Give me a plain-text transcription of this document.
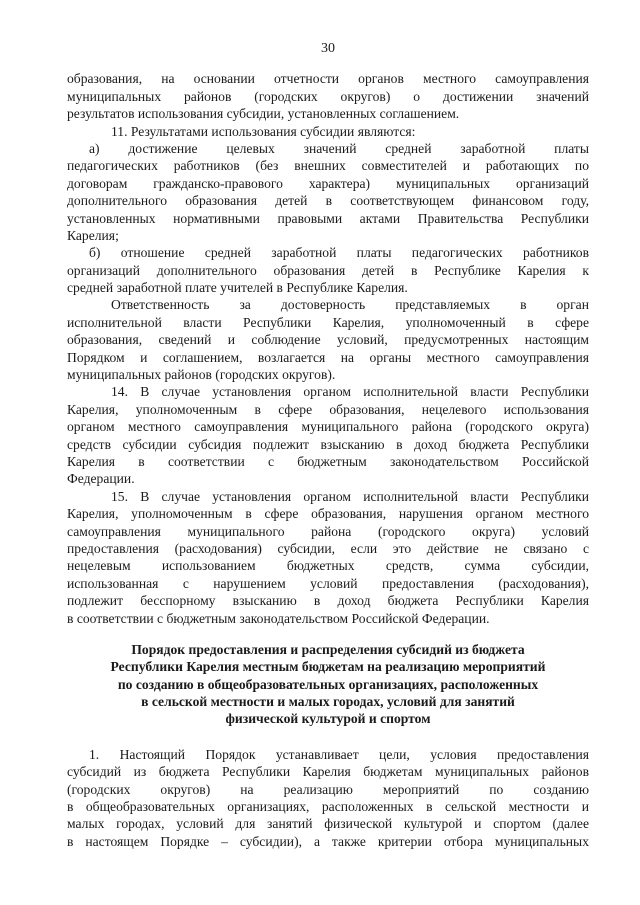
30
образования, на основании отчетности органов местного самоуправления
муниципальных районов (городских округов) о достижении значений
результатов использования субсидии, установленных соглашением.
11. Результатами использования субсидии являются:
а) достижение целевых значений средней заработной платы
педагогических работников (без внешних совместителей и работающих по
договорам гражданско-правового характера) муниципальных организаций
дополнительного образования детей в соответствующем финансовом году,
установленных нормативными правовыми актами Правительства Республики
Карелия;
б) отношение средней заработной платы педагогических работников
организаций дополнительного образования детей в Республике Карелия к
средней заработной плате учителей в Республике Карелия.
Ответственность за достоверность представляемых в орган
исполнительной власти Республики Карелия, уполномоченный в сфере
образования, сведений и соблюдение условий, предусмотренных настоящим
Порядком и соглашением, возлагается на органы местного самоуправления
муниципальных районов (городских округов).
14. В случае установления органом исполнительной власти Республики
Карелия, уполномоченным в сфере образования, нецелевого использования
органом местного самоуправления муниципального района (городского округа)
средств субсидии субсидия подлежит взысканию в доход бюджета Республики
Карелия в соответствии с бюджетным законодательством Российской
Федерации.
15. В случае установления органом исполнительной власти Республики
Карелия, уполномоченным в сфере образования, нарушения органом местного
самоуправления муниципального района (городского округа) условий
предоставления (расходования) субсидии, если это действие не связано с
нецелевым использованием бюджетных средств, сумма субсидии,
использованная с нарушением условий предоставления (расходования),
подлежит бесспорному взысканию в доход бюджета Республики Карелия
в соответствии с бюджетным законодательством Российской Федерации.
Порядок предоставления и распределения субсидий из бюджета
Республики Карелия местным бюджетам на реализацию мероприятий
по созданию в общеобразовательных организациях, расположенных
в сельской местности и малых городах, условий для занятий
физической культурой и спортом
1. Настоящий Порядок устанавливает цели, условия предоставления
субсидий из бюджета Республики Карелия бюджетам муниципальных районов
(городских округов) на реализацию мероприятий по созданию
в общеобразовательных организациях, расположенных в сельской местности и
малых городах, условий для занятий физической культурой и спортом (далее
в настоящем Порядке – субсидии), а также критерии отбора муниципальных
